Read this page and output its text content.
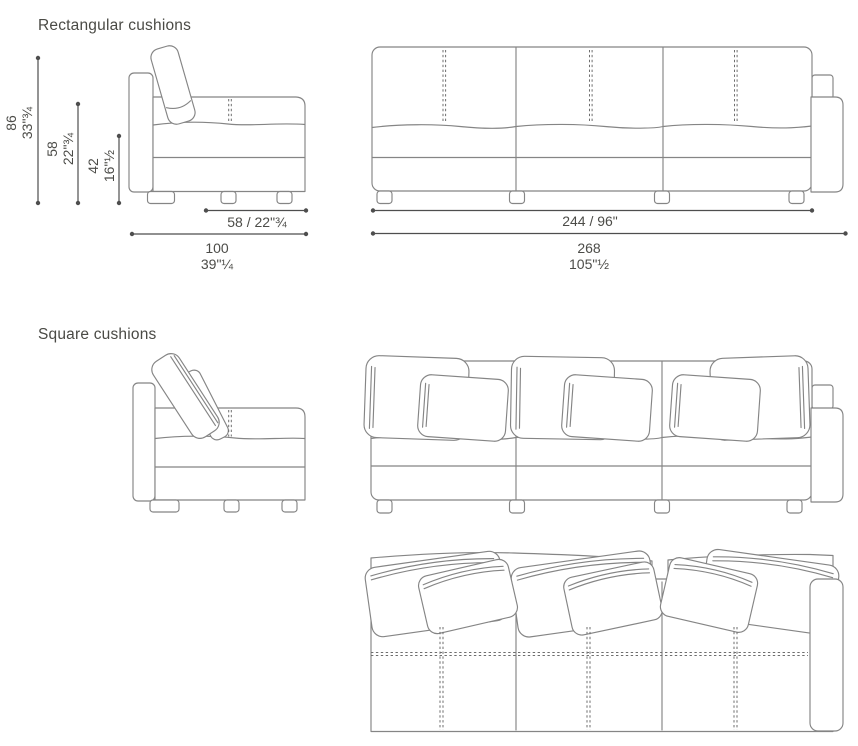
Rectangular cushions
Square cushions
86 33"¾
58 22"¾
42 16"½
58 / 22"¾
100
39"¼
244 / 96"
268
105"½
